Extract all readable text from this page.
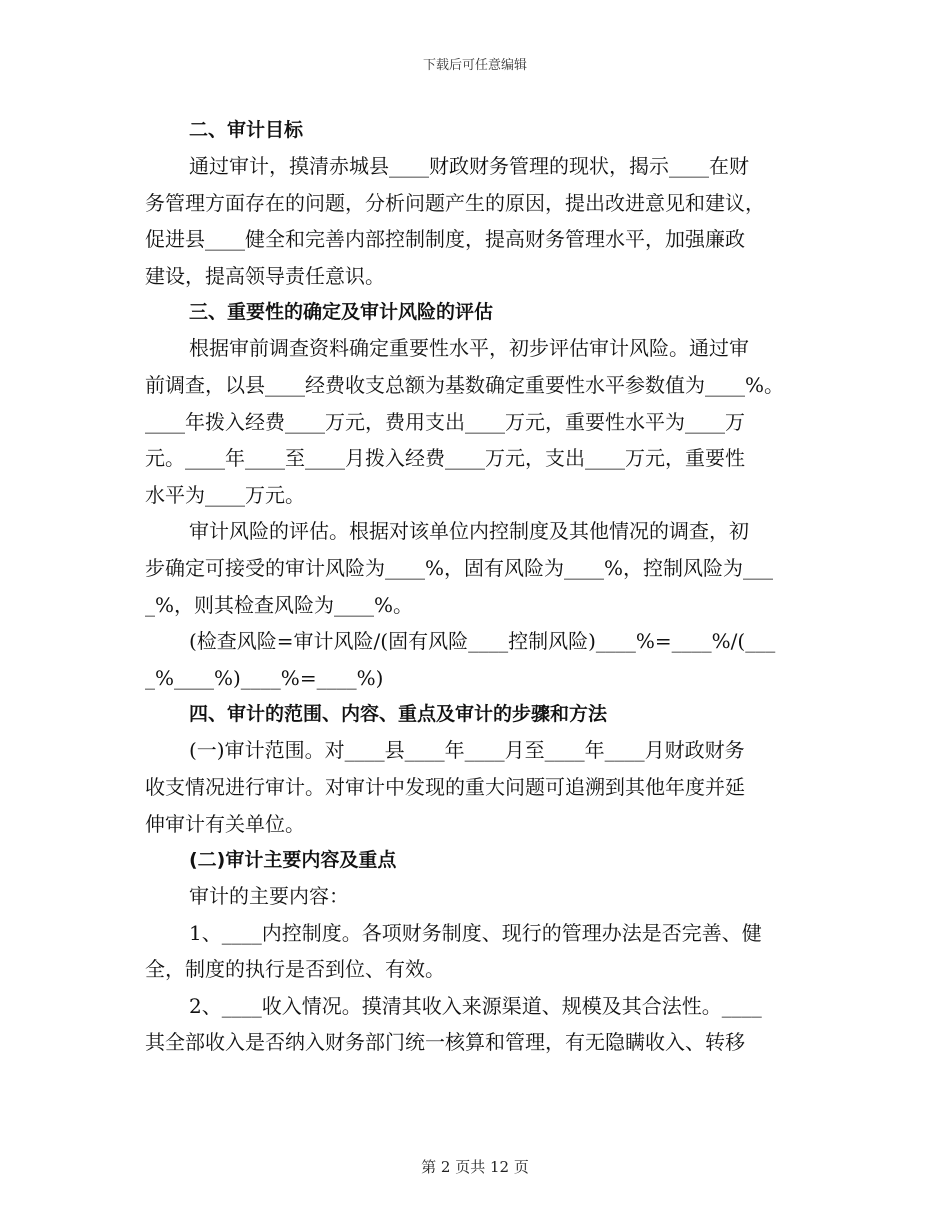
下载后可任意编辑
二、审计目标
通过审计，摸清赤城县____财政财务管理的现状，揭示____在财
务管理方面存在的问题，分析问题产生的原因，提出改进意见和建议，
促进县____健全和完善内部控制制度，提高财务管理水平，加强廉政
建设，提高领导责任意识。
三、重要性的确定及审计风险的评估
根据审前调查资料确定重要性水平，初步评估审计风险。通过审
前调查，以县____经费收支总额为基数确定重要性水平参数值为____%。
____年拨入经费____万元，费用支出____万元，重要性水平为____万
元。____年____至____月拨入经费____万元，支出____万元，重要性
水平为____万元。
审计风险的评估。根据对该单位内控制度及其他情况的调查，初
步确定可接受的审计风险为____%，固有风险为____%，控制风险为___
_%，则其检查风险为____%。
(检查风险=审计风险/(固有风险____控制风险)____%=____%/(___
_%____%)____%=____%)
四、审计的范围、内容、重点及审计的步骤和方法
(一)审计范围。对____县____年____月至____年____月财政财务
收支情况进行审计。对审计中发现的重大问题可追溯到其他年度并延
伸审计有关单位。
(二)审计主要内容及重点
审计的主要内容：
1、____内控制度。各项财务制度、现行的管理办法是否完善、健
全，制度的执行是否到位、有效。
2、____收入情况。摸清其收入来源渠道、规模及其合法性。____
其全部收入是否纳入财务部门统一核算和管理，有无隐瞒收入、转移
第 2 页共 12 页
